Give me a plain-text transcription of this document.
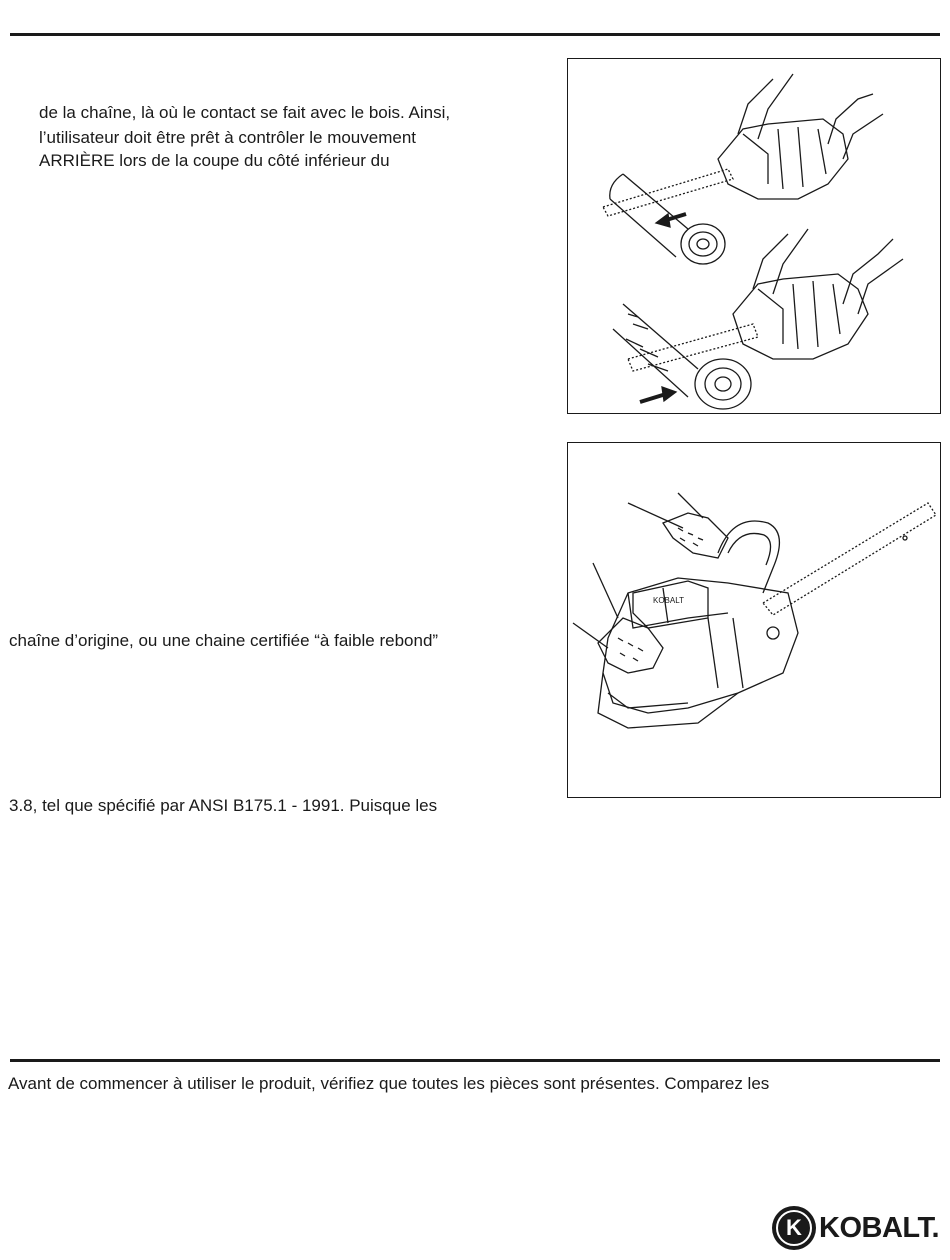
de la chaîne, là où le contact se fait avec le bois. Ainsi,
l’utilisateur doit être prêt à contrôler le mouvement
ARRIÈRE lors de la coupe du côté inférieur du
KOBALT
chaîne d’origine, ou une chaine certifiée “à faible rebond”
3.8, tel que spécifié par ANSI B175.1 - 1991. Puisque les
Avant de commencer à utiliser le produit, vérifiez que toutes les pièces sont présentes. Comparez les
K KOBALT.
